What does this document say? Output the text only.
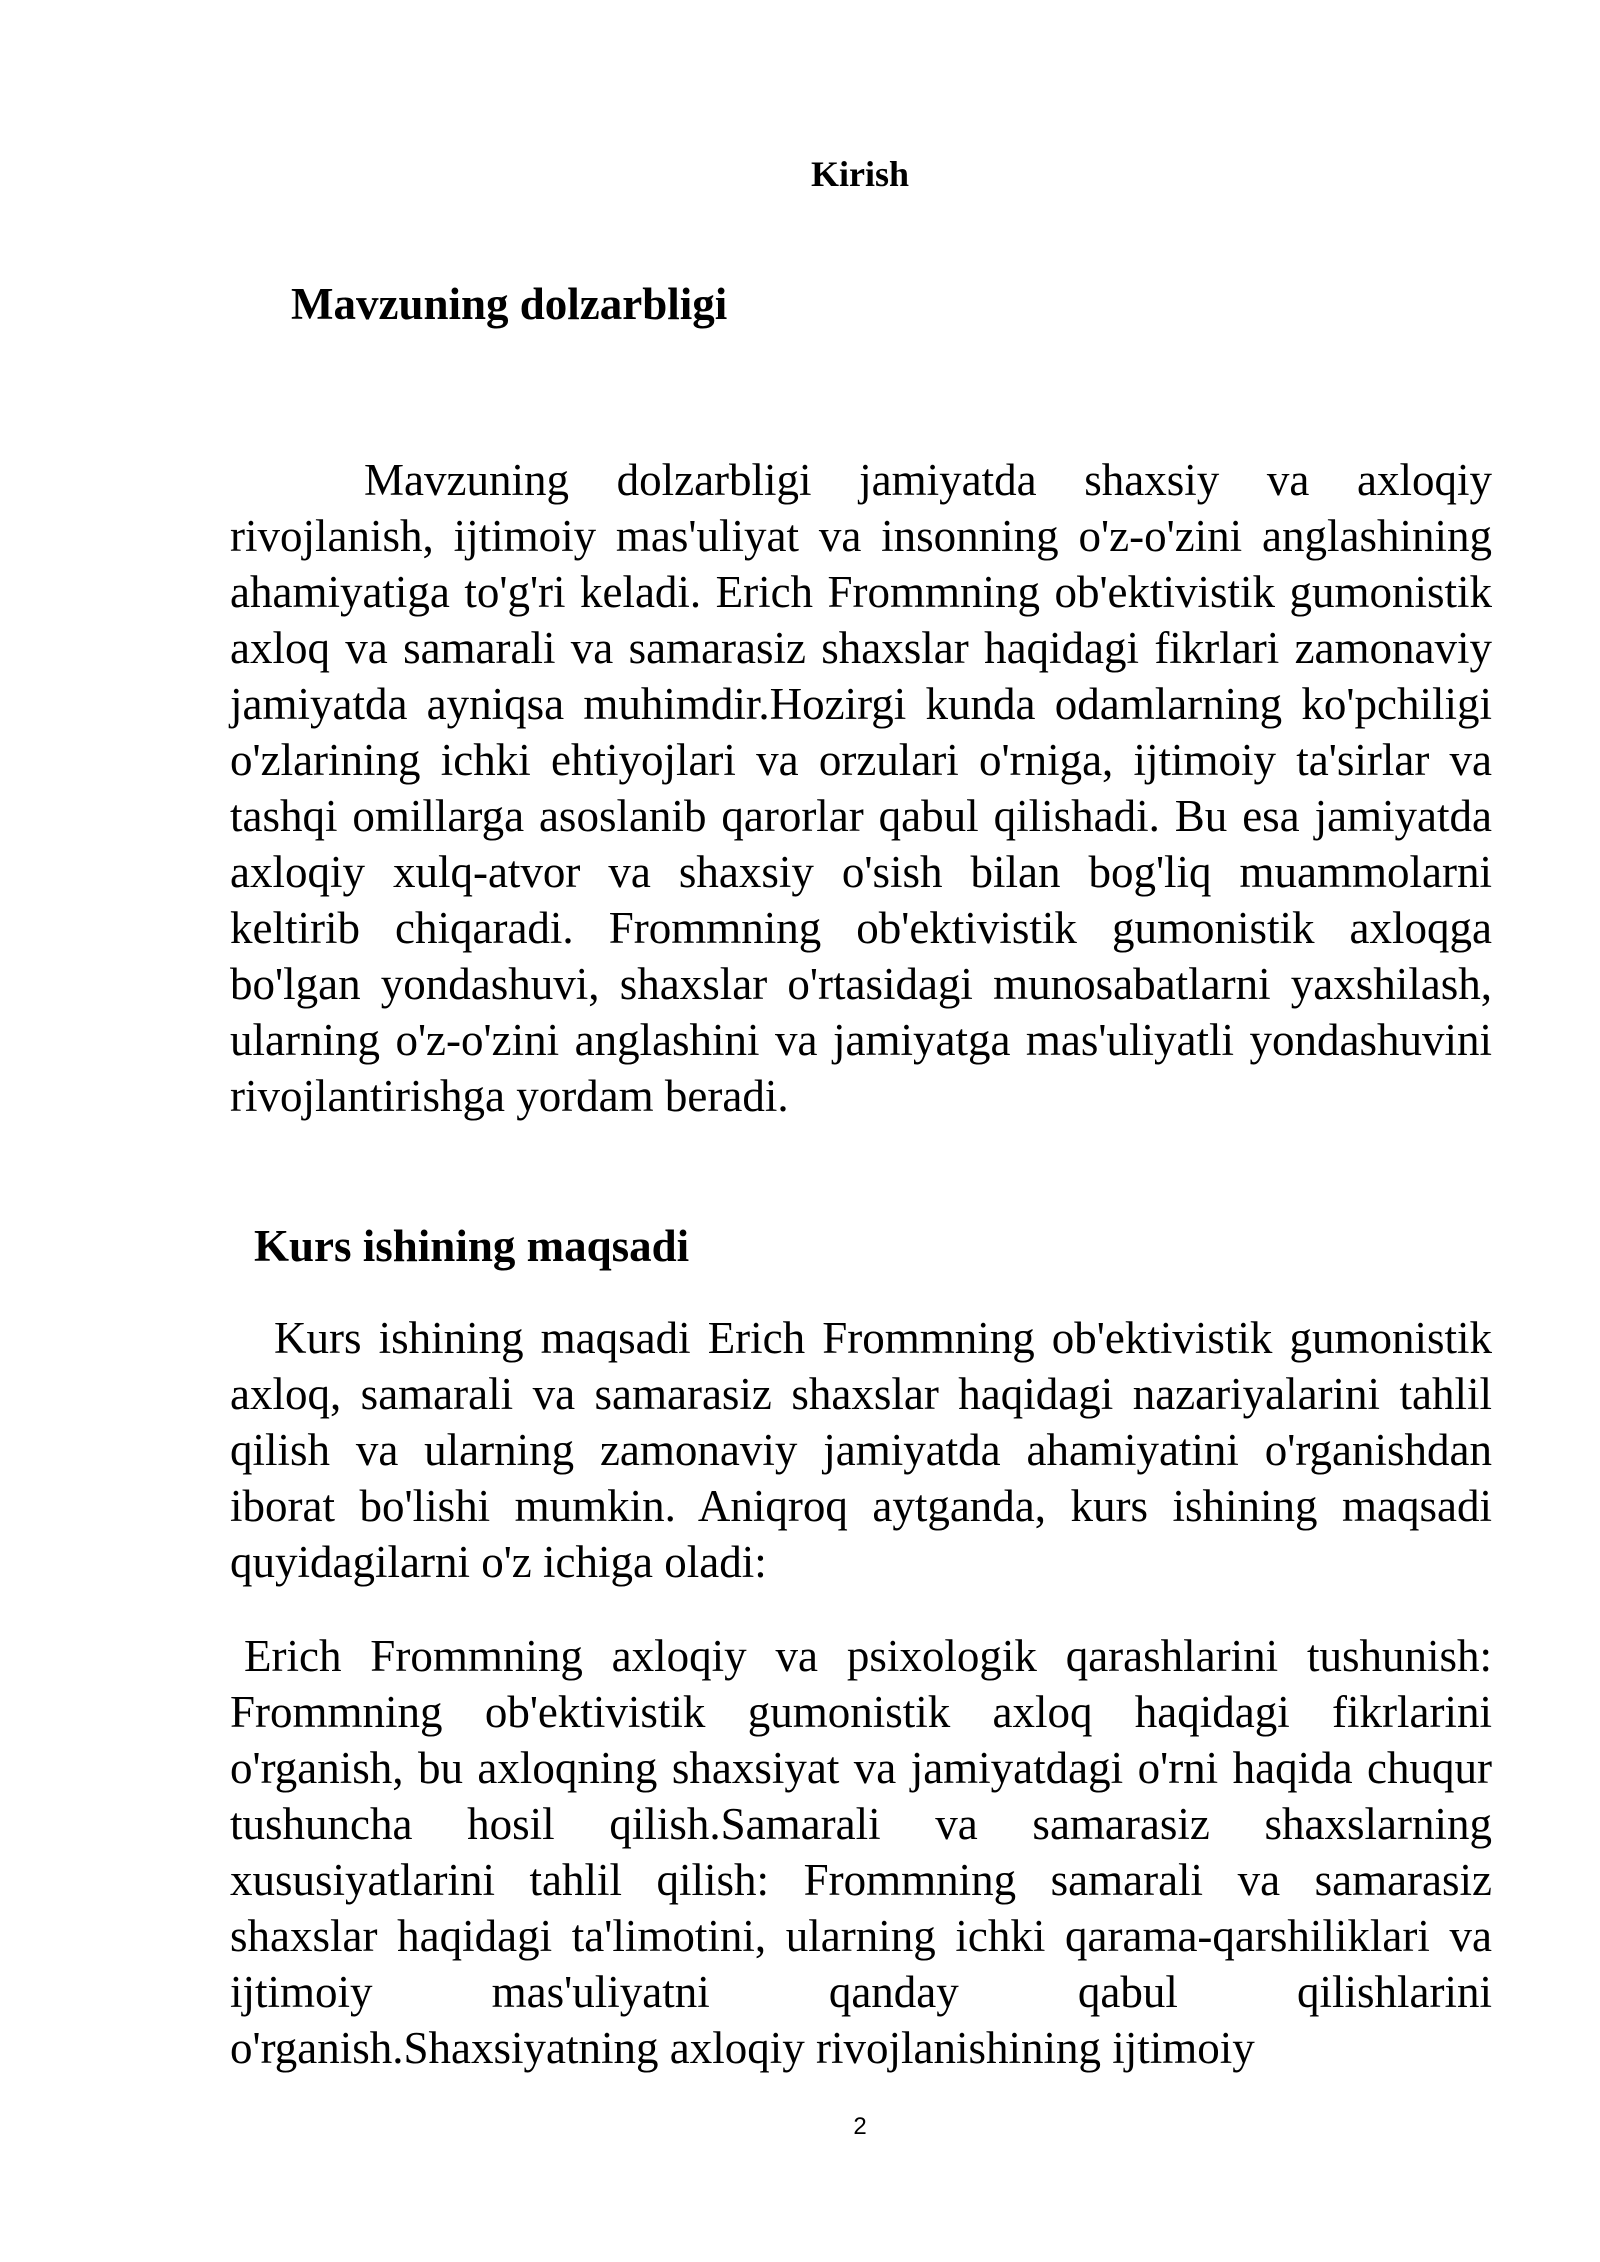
Kirish
Mavzuning dolzarbligi

Mavzuning dolzarbligi jamiyatda shaxsiy va axloqiy rivojlanish, ijtimoiy mas'uliyat va insonning o'z-o'zini anglashining ahamiyatiga to'g'ri keladi. Erich Frommning ob'ektivistik gumonistik axloq va samarali va samarasiz shaxslar haqidagi fikrlari zamonaviy jamiyatda ayniqsa muhimdir.Hozirgi kunda odamlarning ko'pchiligi o'zlarining ichki ehtiyojlari va orzulari o'rniga, ijtimoiy ta'sirlar va tashqi omillarga asoslanib qarorlar qabul qilishadi. Bu esa jamiyatda axloqiy xulq-atvor va shaxsiy o'sish bilan bog'liq muammolarni keltirib chiqaradi. Frommning ob'ektivistik gumonistik axloqga bo'lgan yondashuvi, shaxslar o'rtasidagi munosabatlarni yaxshilash, ularning o'z-o'zini anglashini va jamiyatga mas'uliyatli yondashuvini rivojlantirishga yordam beradi.

Kurs ishining maqsadi

Kurs ishining maqsadi Erich Frommning ob'ektivistik gumonistik axloq, samarali va samarasiz shaxslar haqidagi nazariyalarini tahlil qilish va ularning zamonaviy jamiyatda ahamiyatini o'rganishdan iborat bo'lishi mumkin. Aniqroq aytganda, kurs ishining maqsadi quyidagilarni o'z ichiga oladi:

Erich Frommning axloqiy va psixologik qarashlarini tushunish: Frommning ob'ektivistik gumonistik axloq haqidagi fikrlarini o'rganish, bu axloqning shaxsiyat va jamiyatdagi o'rni haqida chuqur tushuncha hosil qilish.Samarali va samarasiz shaxslarning xususiyatlarini tahlil qilish: Frommning samarali va samarasiz shaxslar haqidagi ta'limotini, ularning ichki qarama-qarshiliklari va ijtimoiy mas'uliyatni qanday qabul qilishlarini o'rganish.Shaxsiyatning axloqiy rivojlanishining ijtimoiy

2
